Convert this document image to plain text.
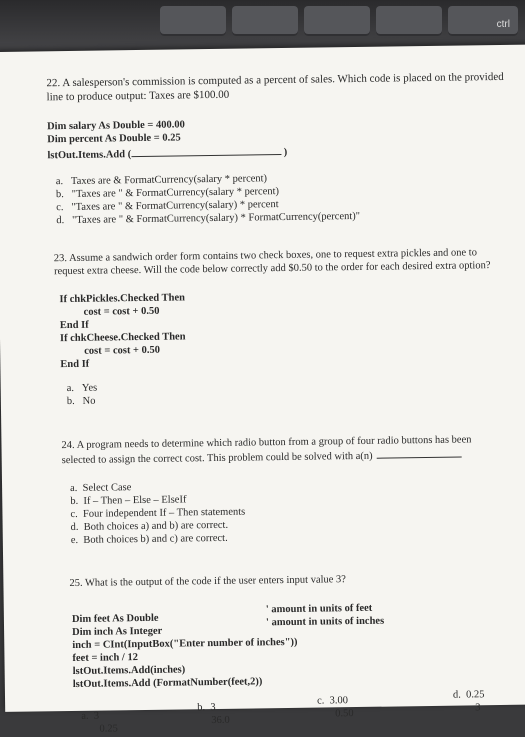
ctrl
22. A salesperson's commission is computed as a percent of sales. Which code is placed on the provided
line to produce output: Taxes are $100.00
Dim salary As Double = 400.00
Dim percent As Double = 0.25
lstOut.Items.Add (	)
a. Taxes are & FormatCurrency(salary * percent)
b. "Taxes are " & FormatCurrency(salary * percent)
c. "Taxes are " & FormatCurrency(salary) * percent
d. "Taxes are " & FormatCurrency(salary) * FormatCurrency(percent)"
23. Assume a sandwich order form contains two check boxes, one to request extra pickles and one to
request extra cheese. Will the code below correctly add $0.50 to the order for each desired extra option?
If chkPickles.Checked Then
cost = cost + 0.50
End If
If chkCheese.Checked Then
cost = cost + 0.50
End If
a. Yes
b. No
24. A program needs to determine which radio button from a group of four radio buttons has been
selected to assign the correct cost. This problem could be solved with a(n)
a. Select Case
b. If – Then – Else – ElseIf
c. Four independent If – Then statements
d. Both choices a) and b) are correct.
e. Both choices b) and c) are correct.
25. What is the output of the code if the user enters input value 3?
Dim feet As Double
Dim inch As Integer
inch = CInt(InputBox("Enter number of inches"))
feet = inch / 12
lstOut.Items.Add(inches)
lstOut.Items.Add (FormatNumber(feet,2))
' amount in units of feet
' amount in units of inches
a. 3
0.25
b. 3
36.0
c. 3.00
0.50
d. 0.25
3
